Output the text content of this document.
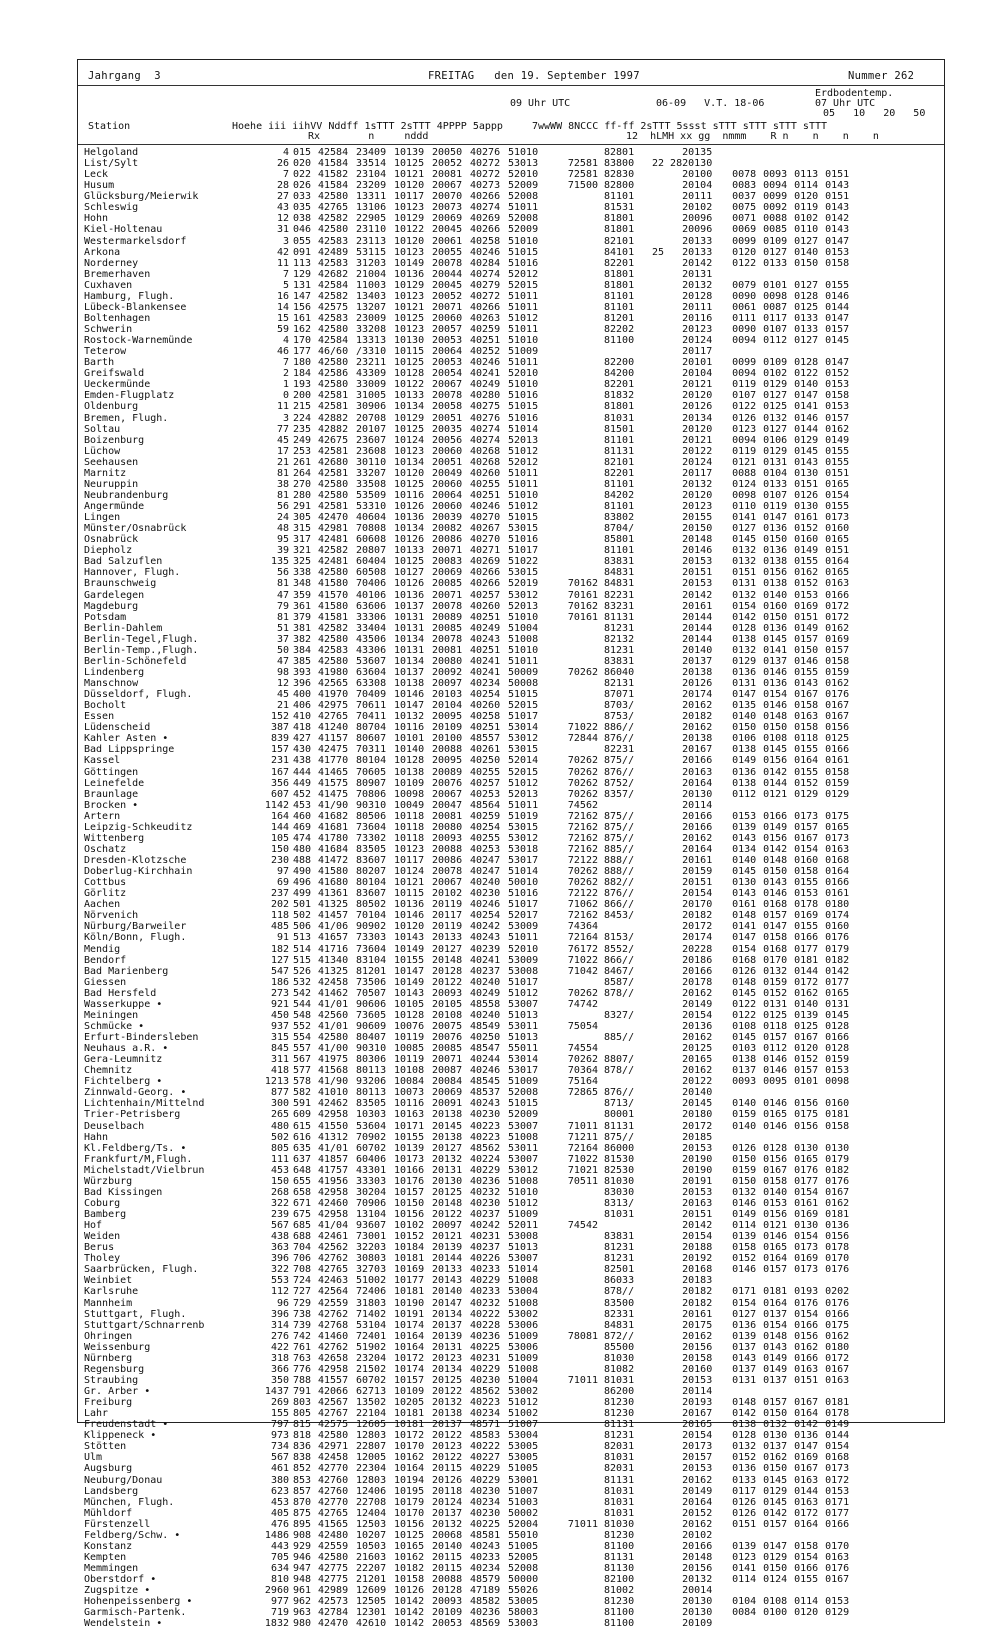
Jahrgang  3	FREITAG   den 19. September 1997	Nummer 262
09 Uhr UTC	06-09   V.T. 18-06
Erdbodentemp.
07 Uhr UTC
05   10   20   50
Station	Hoehe iii iihVV Nddff 1sTTT 2sTTT 4PPPP 5appp	7wwWW 8NCCC ff-ff 2sTTT 5ssst sTTT sTTT sTTT sTTT
Rx        n     nddd	12  hLMH xx gg  nmmm    R n    n    n    n
Helgoland	4	015	42584	23409	10139	20050	40276	51010		82801		20135				
List/Sylt	26	020	41584	33514	10125	20052	40272	53013	72581	83800	22 28	20130				
Leck	7	022	41582	23104	10121	20081	40272	52010	72581	82830		20100	0078	0093	0113	0151
Husum	28	026	41584	23209	10120	20067	40273	52009	71500	82800		20104	0083	0094	0114	0143
Glücksburg/Meierwik	27	033	42580	13311	10117	20070	40266	52008		81101		20111	0037	0099	0120	0151
Schleswig	43	035	42765	13106	10123	20073	40274	51011		81531		20102	0075	0092	0119	0143
Hohn	12	038	42582	22905	10129	20069	40269	52008		81801		20096	0071	0088	0102	0142
Kiel-Holtenau	31	046	42580	23110	10122	20045	40266	52009		81801		20096	0069	0085	0110	0143
Westermarkelsdorf	3	055	42583	23113	10120	20061	40258	51010		82101		20133	0099	0109	0127	0147
Arkona	42	091	42489	53115	10123	20055	40246	51015		84101	25	20133	0120	0127	0140	0153
Norderney	11	113	42583	31203	10149	20078	40284	51016		82201		20142	0122	0133	0150	0158
Bremerhaven	7	129	42682	21004	10136	20044	40274	52012		81801		20131				
Cuxhaven	5	131	42584	11003	10129	20045	40279	52015		81801		20132	0079	0101	0127	0155
Hamburg, Flugh.	16	147	42582	13403	10123	20052	40272	51011		81101		20128	0090	0098	0128	0146
Lübeck-Blankensee	14	156	42575	13207	10121	20071	40266	51011		81101		20111	0061	0087	0125	0144
Boltenhagen	15	161	42583	23009	10125	20060	40263	51012		81201		20116	0111	0117	0133	0147
Schwerin	59	162	42580	33208	10123	20057	40259	51011		82202		20123	0090	0107	0133	0157
Rostock-Warnemünde	4	170	42584	13313	10130	20053	40251	51010		81100		20124	0094	0112	0127	0145
Teterow	46	177	46/60	/3310	10115	20064	40252	51009				20117				
Barth	7	180	42580	23211	10125	20053	40246	51011		82200		20101	0099	0109	0128	0147
Greifswald	2	184	42586	43309	10128	20054	40241	52010		84200		20104	0094	0102	0122	0152
Ueckermünde	1	193	42580	33009	10122	20067	40249	51010		82201		20121	0119	0129	0140	0153
Emden-Flugplatz	0	200	42581	31005	10133	20078	40280	51016		81832		20120	0107	0127	0147	0158
Oldenburg	11	215	42581	30906	10134	20058	40275	51015		81801		20126	0122	0125	0141	0153
Bremen, Flugh.	3	224	42882	20708	10129	20051	40276	51016		81031		20134	0126	0132	0146	0157
Soltau	77	235	42882	20107	10125	20035	40274	51014		81501		20120	0123	0127	0144	0162
Boizenburg	45	249	42675	23607	10124	20056	40274	52013		81101		20121	0094	0106	0129	0149
Lüchow	17	253	42581	23608	10123	20060	40268	51012		81131		20122	0119	0129	0145	0155
Seehausen	21	261	42680	30110	10134	20051	40268	52012		82101		20124	0121	0131	0143	0155
Marnitz	81	264	42581	33207	10120	20049	40260	51011		82201		20117	0088	0104	0130	0151
Neuruppin	38	270	42580	33508	10125	20060	40255	51011		81101		20132	0124	0133	0151	0165
Neubrandenburg	81	280	42580	53509	10116	20064	40251	51010		84202		20120	0098	0107	0126	0154
Angermünde	56	291	42581	53310	10126	20060	40246	51012		81101		20123	0110	0119	0130	0155
Lingen	24	305	42470	40604	10136	20039	40270	51015		83802		20155	0141	0147	0161	0173
Münster/Osnabrück	48	315	42981	70808	10134	20082	40267	53015		8704/		20150	0127	0136	0152	0160
Osnabrück	95	317	42481	60608	10126	20086	40270	51016		85801		20148	0145	0150	0160	0165
Diepholz	39	321	42582	20807	10133	20071	40271	51017		81101		20146	0132	0136	0149	0151
Bad Salzuflen	135	325	42481	60404	10125	20083	40269	51022		83831		20153	0132	0138	0155	0164
Hannover, Flugh.	56	338	42580	60508	10127	20069	40266	53015		84831		20151	0151	0156	0162	0165
Braunschweig	81	348	41580	70406	10126	20085	40266	52019	70162	84831		20153	0131	0138	0152	0163
Gardelegen	47	359	41570	40106	10136	20071	40257	53012	70161	82231		20142	0132	0140	0153	0166
Magdeburg	79	361	41580	63606	10137	20078	40260	52013	70162	83231		20161	0154	0160	0169	0172
Potsdam	81	379	41581	33306	10131	20089	40251	51010	70161	81131		20144	0142	0150	0151	0172
Berlin-Dahlem	51	381	42582	33404	10131	20085	40249	51004		81231		20144	0128	0136	0149	0162
Berlin-Tegel,Flugh.	37	382	42580	43506	10134	20078	40243	51008		82132		20144	0138	0145	0157	0169
Berlin-Temp.,Flugh.	50	384	42583	43306	10131	20081	40251	51010		81231		20140	0132	0141	0150	0157
Berlin-Schönefeld	47	385	42580	53607	10134	20080	40241	51011		83831		20137	0129	0137	0146	0158
Lindenberg	98	393	41980	63604	10137	20092	40241	50009	70262	86040		20138	0136	0146	0155	0159
Manschnow	12	396	42565	63308	10138	20097	40234	50008		82131		20126	0131	0136	0143	0162
Düsseldorf, Flugh.	45	400	41970	70409	10146	20103	40254	51015		87071		20174	0147	0154	0167	0176
Bocholt	21	406	42975	70611	10147	20104	40260	52015		8703/		20162	0135	0146	0158	0167
Essen	152	410	42765	70411	10132	20095	40258	51017		8753/		20182	0140	0148	0163	0167
Lüdenscheid	387	418	41240	80704	10116	20109	40251	53014	71022	886//		20162	0150	0150	0158	0156
Kahler Asten •	839	427	41157	80607	10101	20100	48557	53012	72844	876//		20138	0106	0108	0118	0125
Bad Lippspringe	157	430	42475	70311	10140	20088	40261	53015		82231		20167	0138	0145	0155	0166
Kassel	231	438	41770	80104	10128	20095	40250	52014	70262	875//		20166	0149	0156	0164	0161
Göttingen	167	444	41465	70605	10138	20089	40255	52015	70262	876//		20163	0136	0142	0155	0158
Leinefelde	356	449	41575	80907	10109	20076	40257	51012	70262	8752/		20164	0138	0144	0152	0159
Braunlage	607	452	41475	70806	10098	20067	40253	52013	70262	8357/		20130	0112	0121	0129	0129
Brocken •	1142	453	41/90	90310	10049	20047	48564	51011	74562			20114				
Artern	164	460	41682	80506	10118	20081	40259	51019	72162	875//		20166	0153	0166	0173	0175
Leipzig-Schkeuditz	144	469	41681	73604	10118	20080	40254	53015	72162	875//		20166	0139	0149	0157	0165
Wittenberg	105	474	41780	73302	10118	20093	40255	53012	72162	875//		20162	0143	0156	0167	0173
Oschatz	150	480	41684	83505	10123	20088	40253	53018	72162	885//		20164	0134	0142	0154	0163
Dresden-Klotzsche	230	488	41472	83607	10117	20086	40247	53017	72122	888//		20161	0140	0148	0160	0168
Doberlug-Kirchhain	97	490	41580	80207	10124	20078	40247	51014	70262	888//		20159	0145	0150	0158	0164
Cottbus	69	496	41680	80104	10121	20067	40240	50010	70262	882//		20151	0130	0143	0155	0166
Görlitz	237	499	41361	83607	10115	20102	40230	51016	72122	876//		20154	0143	0146	0153	0161
Aachen	202	501	41325	80502	10136	20119	40246	51017	71062	866//		20170	0161	0168	0178	0180
Nörvenich	118	502	41457	70104	10146	20117	40254	52017	72162	8453/		20182	0148	0157	0169	0174
Nürburg/Barweiler	485	506	41/06	90902	10120	20119	40242	53009	74364			20172	0141	0147	0155	0160
Köln/Bonn, Flugh.	91	513	41657	73303	10143	20133	40243	51011	72164	8153/		20174	0147	0158	0166	0176
Mendig	182	514	41716	73604	10149	20127	40239	52010	76172	8552/		20228	0154	0168	0177	0179
Bendorf	127	515	41340	83104	10155	20148	40241	53009	71022	866//		20186	0168	0170	0181	0182
Bad Marienberg	547	526	41325	81201	10147	20128	40237	53008	71042	8467/		20166	0126	0132	0144	0142
Giessen	186	532	42458	73506	10149	20122	40240	51017		8587/		20178	0148	0159	0172	0177
Bad Hersfeld	273	542	41462	70507	10143	20093	40249	51012	70262	878//		20162	0145	0152	0162	0165
Wasserkuppe •	921	544	41/01	90606	10105	20105	48558	53007	74742			20149	0122	0131	0140	0131
Meiningen	450	548	42560	73605	10128	20108	40240	51013		8327/		20154	0122	0125	0139	0145
Schmücke •	937	552	41/01	90609	10076	20075	48549	53011	75054			20136	0108	0118	0125	0128
Erfurt-Bindersleben	315	554	42580	80407	10119	20076	40250	51013		885//		20162	0145	0157	0167	0166
Neuhaus a.R. •	845	557	41/00	90310	10085	20085	48547	55011	74554			20125	0103	0112	0120	0128
Gera-Leumnitz	311	567	41975	80306	10119	20071	40244	53014	70262	8807/		20165	0138	0146	0152	0159
Chemnitz	418	577	41568	80113	10108	20087	40246	53017	70364	878//		20162	0137	0146	0157	0153
Fichtelberg •	1213	578	41/90	93206	10084	20084	48545	51009	75164			20122	0093	0095	0101	0098
Zinnwald-Georg. •	877	582	41010	80113	10073	20069	48537	52008	72865	876//		20140				
Lichtenhain/Mittelnd	300	591	42462	83505	10116	20091	40243	51015		8713/		20145	0140	0146	0156	0160
Trier-Petrisberg	265	609	42958	10303	10163	20138	40230	52009		80001		20180	0159	0165	0175	0181
Deuselbach	480	615	41550	53604	10171	20145	40223	53007	71011	81131		20172	0140	0146	0156	0158
Hahn	502	616	41312	70902	10155	20138	40223	51008	71211	875//		20185				
Kl.Feldberg/Ts. •	805	635	41/01	60702	10139	20127	48562	53011	72164	86000		20153	0126	0128	0130	0130
Frankfurt/M,Flugh.	111	637	41857	60406	10173	20132	40224	53007	71022	81530		20190	0150	0156	0165	0179
Michelstadt/Vielbrun	453	648	41757	43301	10166	20131	40229	53012	71021	82530		20190	0159	0167	0176	0182
Würzburg	150	655	41956	33303	10176	20130	40236	51008	70511	81030		20191	0150	0158	0177	0176
Bad Kissingen	268	658	42958	30204	10157	20125	40232	51010		83030		20153	0132	0140	0154	0167
Coburg	322	671	42460	70906	10150	20148	40230	51012		8313/		20163	0146	0153	0161	0162
Bamberg	239	675	42958	13104	10156	20122	40237	51009		81031		20151	0149	0156	0169	0181
Hof	567	685	41/04	93607	10102	20097	40242	52011	74542			20142	0114	0121	0130	0136
Weiden	438	688	42461	73001	10152	20121	40231	53008		83831		20154	0139	0146	0154	0156
Berus	363	704	42562	32203	10184	20139	40237	51013		81231		20188	0158	0165	0173	0178
Tholey	396	706	42762	30803	10181	20144	40226	53007		81231		20192	0152	0164	0169	0170
Saarbrücken, Flugh.	322	708	42765	32703	10169	20133	40233	51014		82501		20168	0146	0157	0173	0176
Weinbiet	553	724	42463	51002	10177	20143	40229	51008		86033		20183				
Karlsruhe	112	727	42564	72406	10181	20140	40233	53004		878//		20182	0171	0181	0193	0202
Mannheim	96	729	42559	31803	10190	20147	40232	51008		83500		20182	0154	0164	0176	0176
Stuttgart, Flugh.	396	738	42762	71402	10191	20134	40222	53002		82331		20161	0127	0137	0154	0166
Stuttgart/Schnarrenb	314	739	42768	53104	10174	20137	40228	53006		84831		20175	0136	0154	0166	0175
Öhringen	276	742	41460	72401	10164	20139	40236	51009	78081	872//		20162	0139	0148	0156	0162
Weissenburg	422	761	42762	51902	10164	20131	40225	53006		85500		20156	0137	0143	0162	0180
Nürnberg	318	763	42658	23204	10172	20123	40231	51009		81030		20158	0143	0149	0166	0172
Regensburg	366	776	42958	21502	10174	20134	40229	51008		81082		20160	0137	0149	0163	0167
Straubing	350	788	41557	60702	10157	20125	40230	51004	71011	81031		20153	0131	0137	0151	0163
Gr. Arber •	1437	791	42066	62713	10109	20122	48562	53002		86200		20114				
Freiburg	269	803	42567	13502	10205	20132	40223	51012		81230		20193	0148	0157	0167	0181
Lahr	155	805	42767	22104	10181	20138	40234	51002		81230		20167	0142	0150	0164	0178
Freudenstadt •	797	815	42575	12605	10181	20137	48571	51007		81131		20165	0138	0132	0142	0149
Klippeneck •	973	818	42580	12803	10172	20122	48583	53004		81231		20154	0128	0130	0136	0144
Stötten	734	836	42971	22807	10170	20123	40222	53005		82031		20173	0132	0137	0147	0154
Ulm	567	838	42458	12005	10162	20122	40227	53005		81031		20157	0152	0162	0169	0168
Augsburg	461	852	42770	22304	10164	20115	40229	51005		82031		20153	0136	0150	0167	0173
Neuburg/Donau	380	853	42760	12803	10194	20126	40229	53001		81131		20162	0133	0145	0163	0172
Landsberg	623	857	42760	12406	10195	20118	40230	51007		81031		20149	0117	0129	0144	0153
München, Flugh.	453	870	42770	22708	10179	20124	40234	51003		81031		20164	0126	0145	0163	0171
Mühldorf	405	875	42765	12404	10170	20137	40230	50002		81031		20152	0126	0142	0172	0177
Fürstenzell	476	895	41565	12503	10156	20132	40225	52004	71011	81030		20162	0151	0157	0164	0166
Feldberg/Schw. •	1486	908	42480	10207	10125	20068	48581	55010		81230		20102				
Konstanz	443	929	42559	10503	10165	20140	40243	51005		81100		20166	0139	0147	0158	0170
Kempten	705	946	42580	21603	10162	20115	40233	52005		81131		20148	0123	0129	0154	0163
Memmingen	634	947	42775	22207	10182	20115	40234	52008		81130		20156	0141	0150	0166	0176
Oberstdorf •	810	948	42775	21201	10158	20088	48579	50000		82100		20132	0114	0124	0155	0167
Zugspitze •	2960	961	42989	12609	10126	20128	47189	55026		81002		20014				
Hohenpeissenberg •	977	962	42573	12505	10142	20093	48582	53005		81230		20130	0104	0108	0114	0153
Garmisch-Partenk.	719	963	42784	12301	10142	20109	40236	58003		81100		20130	0084	0100	0120	0129
Wendelstein •	1832	980	42470	42610	10142	20053	48569	53003		81100		20109				
